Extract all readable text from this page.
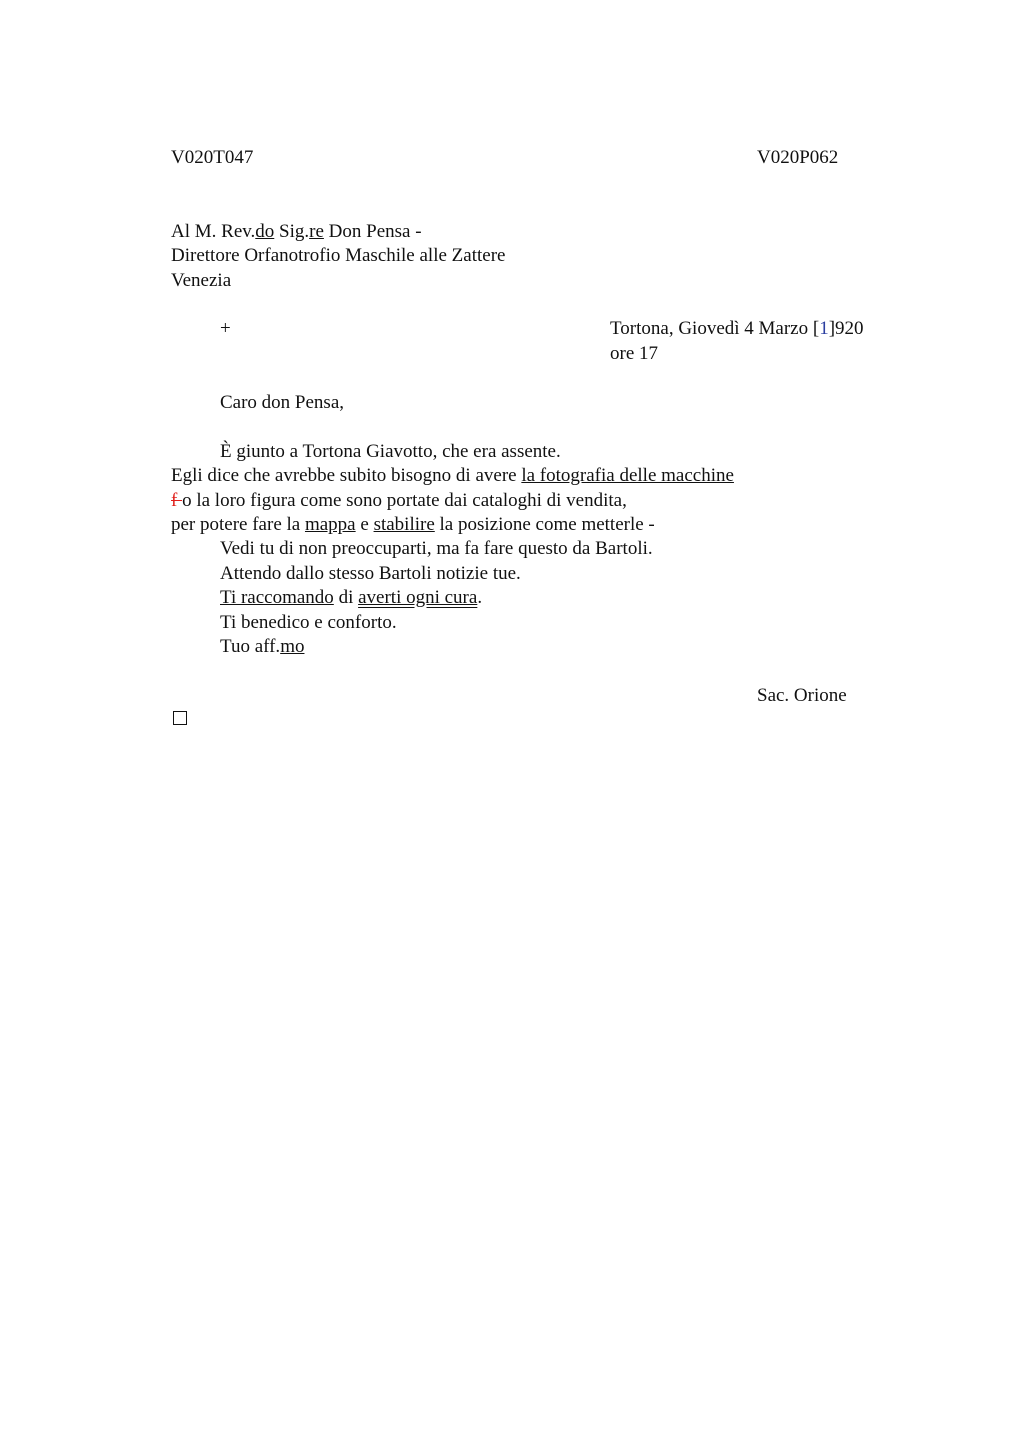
V020T047	V020P062
Al M. Rev.do Sig.re Don Pensa -
Direttore Orfanotrofio Maschile alle Zattere
Venezia
+	Tortona, Giovedì 4 Marzo [1]920
ore 17
Caro don Pensa,
È giunto a Tortona Giavotto, che era assente.
Egli dice che avrebbe subito bisogno di avere la fotografia delle macchine
f o la loro figura come sono portate dai cataloghi di vendita,
per potere fare la mappa e stabilire la posizione come metterle -
Vedi tu di non preoccuparti, ma fa fare questo da Bartoli.
Attendo dallo stesso Bartoli notizie tue.
Ti raccomando di averti ogni cura.
Ti benedico e conforto.
Tuo aff.mo
Sac. Orione
